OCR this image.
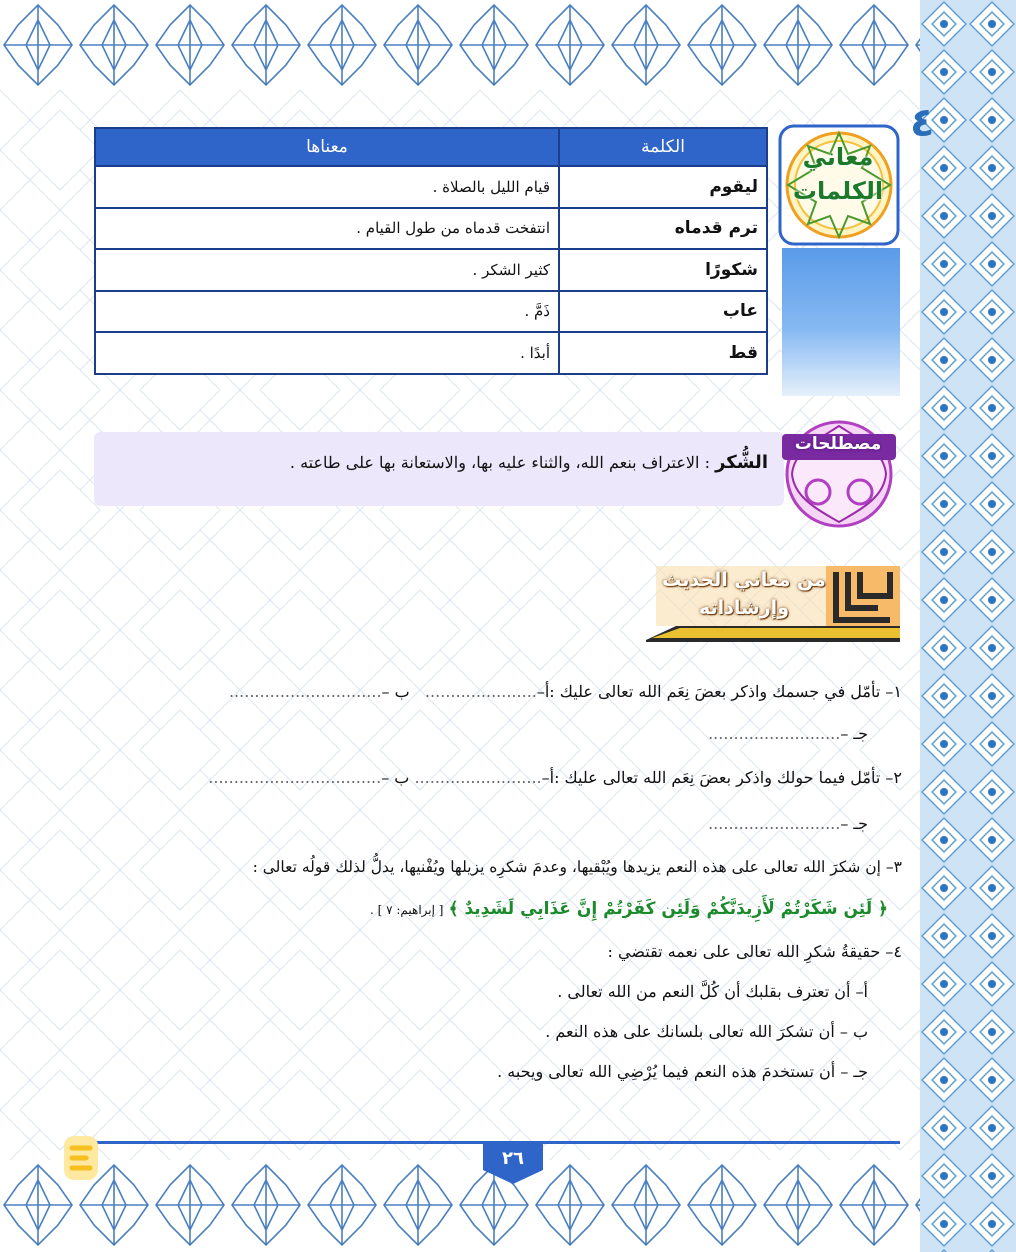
٤
معاني
الكلمات
الكلمة	معناها
ليقوم	قيام الليل بالصلاة .
ترم قدماه	انتفخت قدماه من طول القيام .
شكورًا	كثير الشكر .
عاب	ذَمَّ .
قط	أبدًا .
الشُّكر : الاعتراف بنعم الله، والثناء عليه بها، والاستعانة بها على طاعته .
مصطلحات
من معاني الحديث
وإرشاداته
١– تأمّل في جسمك واذكر بعضَ نِعَم الله تعالى عليك :أ–......................   ب –..............................
جـ –..........................
٢– تأمّل فيما حولك واذكر بعضَ نِعَم الله تعالى عليك :أ–......................... ب –..................................
جـ –..........................
٣– إن شكرَ الله تعالى على هذه النعم يزيدها ويُبْقيها، وعدمَ شكرِه يزيلها ويُفْنيها، يدلُّ لذلك قولُه تعالى :
﴿ لَئِن شَكَرْتُمْ لَأَزِيدَنَّكُمْ وَلَئِن كَفَرْتُمْ إِنَّ عَذَابِي لَشَدِيدٌ ﴾ [ إبراهيم: ٧ ] .
٤– حقيقةُ شكرِ الله تعالى على نعمه تقتضي :
أ– أن تعترف بقلبك أن كُلَّ النعم من الله تعالى .
ب – أن تشكرَ الله تعالى بلسانك على هذه النعم .
جـ – أن تستخدمَ هذه النعم فيما يُرْضِي الله تعالى ويحبه .
٢٦
